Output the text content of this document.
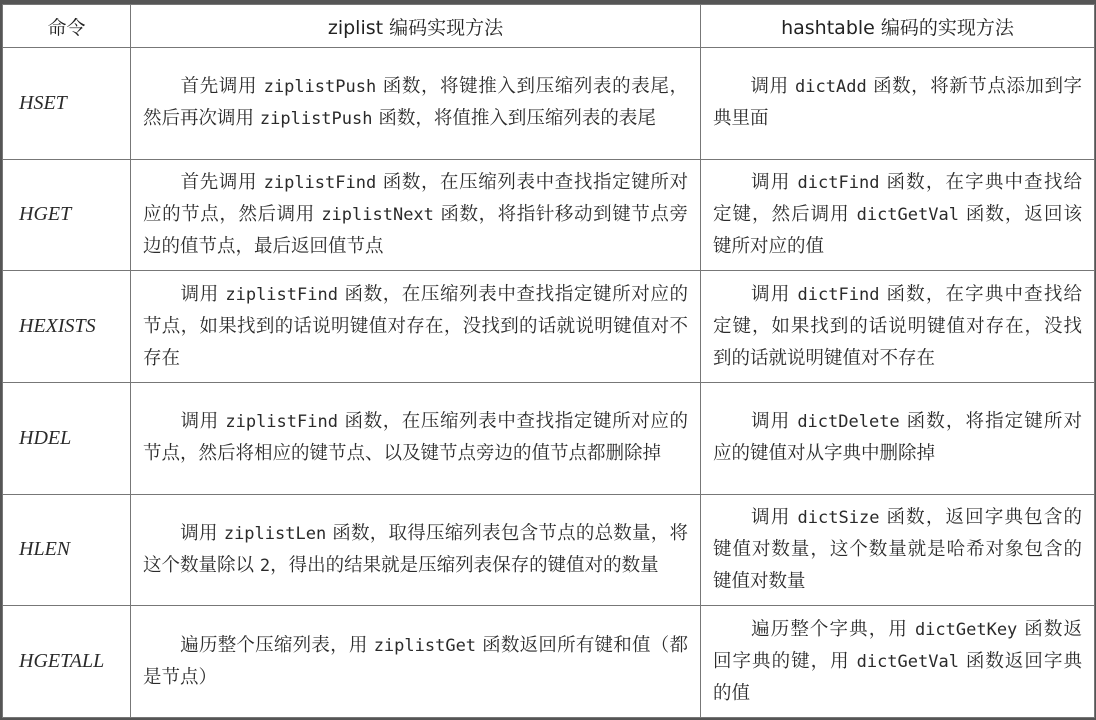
命令	ziplist 编码实现方法	hashtable 编码的实现方法
HSET	首先调用 ziplistPush 函数，将键推入到压缩列表的表尾，然后再次调用 ziplistPush 函数，将值推入到压缩列表的表尾	调用 dictAdd 函数，将新节点添加到字典里面
HGET	首先调用 ziplistFind 函数，在压缩列表中查找指定键所对应的节点，然后调用 ziplistNext 函数，将指针移动到键节点旁边的值节点，最后返回值节点	调用 dictFind 函数，在字典中查找给定键，然后调用 dictGetVal 函数，返回该键所对应的值
HEXISTS	调用 ziplistFind 函数，在压缩列表中查找指定键所对应的节点，如果找到的话说明键值对存在，没找到的话就说明键值对不存在	调用 dictFind 函数，在字典中查找给定键，如果找到的话说明键值对存在，没找到的话就说明键值对不存在
HDEL	调用 ziplistFind 函数，在压缩列表中查找指定键所对应的节点，然后将相应的键节点、以及键节点旁边的值节点都删除掉	调用 dictDelete 函数，将指定键所对应的键值对从字典中删除掉
HLEN	调用 ziplistLen 函数，取得压缩列表包含节点的总数量，将这个数量除以 2，得出的结果就是压缩列表保存的键值对的数量	调用 dictSize 函数，返回字典包含的键值对数量，这个数量就是哈希对象包含的键值对数量
HGETALL	遍历整个压缩列表，用 ziplistGet 函数返回所有键和值（都是节点）	遍历整个字典，用 dictGetKey 函数返回字典的键，用 dictGetVal 函数返回字典的值
